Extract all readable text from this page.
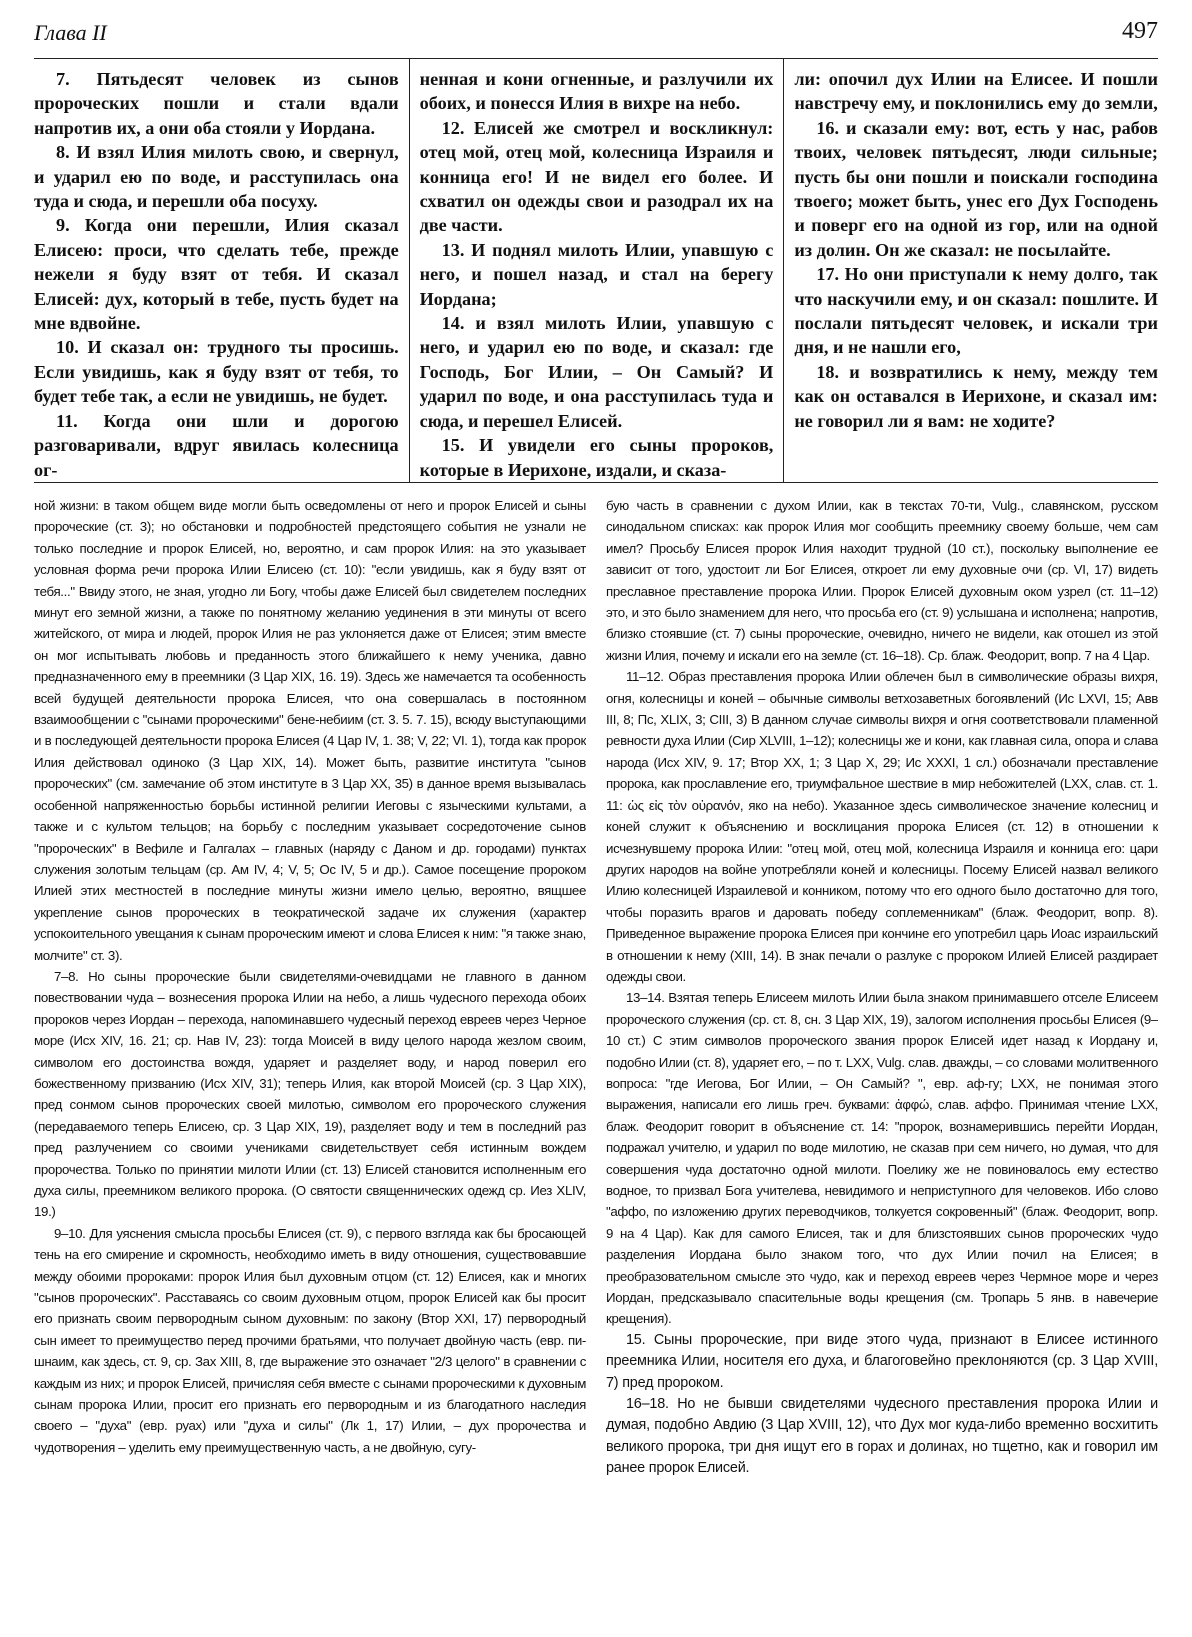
Глава II	497

7. Пятьдесят человек из сынов пророческих пошли и стали вдали напротив их, а они оба стояли у Иордана.

8. И взял Илия милоть свою, и свернул, и ударил ею по воде, и расступилась она туда и сюда, и перешли оба посуху.

9. Когда они перешли, Илия сказал Елисею: проси, что сделать тебе, прежде нежели я буду взят от тебя. И сказал Елисей: дух, который в тебе, пусть будет на мне вдвойне.

10. И сказал он: трудного ты просишь. Если увидишь, как я буду взят от тебя, то будет тебе так, а если не увидишь, не будет.

11. Когда они шли и дорогою разговаривали, вдруг явилась колесница ог-

ненная и кони огненные, и разлучили их обоих, и понесся Илия в вихре на небо.

12. Елисей же смотрел и воскликнул: отец мой, отец мой, колесница Израиля и конница его! И не видел его более. И схватил он одежды свои и разодрал их на две части.

13. И поднял милоть Илии, упавшую с него, и пошел назад, и стал на берегу Иордана;

14. и взял милоть Илии, упавшую с него, и ударил ею по воде, и сказал: где Господь, Бог Илии, – Он Самый? И ударил по воде, и она расступилась туда и сюда, и перешел Елисей.

15. И увидели его сыны пророков, которые в Иерихоне, издали, и сказа-

ли: опочил дух Илии на Елисее. И пошли навстречу ему, и поклонились ему до земли,

16. и сказали ему: вот, есть у нас, рабов твоих, человек пятьдесят, люди сильные; пусть бы они пошли и поискали господина твоего; может быть, унес его Дух Господень и поверг его на одной из гор, или на одной из долин. Он же сказал: не посылайте.

17. Но они приступали к нему долго, так что наскучили ему, и он сказал: пошлите. И послали пятьдесят человек, и искали три дня, и не нашли его,

18. и возвратились к нему, между тем как он оставался в Иерихоне, и сказал им: не говорил ли я вам: не ходите?

ной жизни: в таком общем виде могли быть осведомлены от него и пророк Елисей и сыны пророческие (ст. 3); но обстановки и подробностей предстоящего события не узнали не только последние и пророк Елисей, но, вероятно, и сам пророк Илия: на это указывает условная форма речи пророка Илии Елисею (ст. 10): "если увидишь, как я буду взят от тебя..." Ввиду этого, не зная, угодно ли Богу, чтобы даже Елисей был свидетелем последних минут его земной жизни, а также по понятному желанию уединения в эти минуты от всего житейского, от мира и людей, пророк Илия не раз уклоняется даже от Елисея; этим вместе он мог испытывать любовь и преданность этого ближайшего к нему ученика, давно предназначенного ему в преемники (3 Цар XIX, 16. 19). Здесь же намечается та особенность всей будущей деятельности пророка Елисея, что она совершалась в постоянном взаимообщении с "сынами пророческими" бене-небиим (ст. 3. 5. 7. 15), всюду выступающими и в последующей деятельности пророка Елисея (4 Цар IV, 1. 38; V, 22; VI. 1), тогда как пророк Илия действовал одиноко (3 Цар XIX, 14). Может быть, развитие института "сынов пророческих" (см. замечание об этом институте в 3 Цар XX, 35) в данное время вызывалась особенной напряженностью борьбы истинной религии Иеговы с языческими культами, а также и с культом тельцов; на борьбу с последним указывает сосредоточение сынов "пророческих" в Вефиле и Галгалах – главных (наряду с Даном и др. городами) пунктах служения золотым тельцам (ср. Ам IV, 4; V, 5; Ос IV, 5 и др.). Самое посещение пророком Илией этих местностей в последние минуты жизни имело целью, вероятно, вящшее укрепление сынов пророческих в теократической задаче их служения (характер успокоительного увещания к сынам пророческим имеют и слова Елисея к ним: "я также знаю, молчите" ст. 3).

7–8. Но сыны пророческие были свидетелями-очевидцами не главного в данном повествовании чуда – вознесения пророка Илии на небо, а лишь чудесного перехода обоих пророков через Иордан – перехода, напоминавшего чудесный переход евреев через Черное море (Исх XIV, 16. 21; ср. Нав IV, 23): тогда Моисей в виду целого народа жезлом своим, символом его достоинства вождя, ударяет и разделяет воду, и народ поверил его божественному призванию (Исх XIV, 31); теперь Илия, как второй Моисей (ср. 3 Цар XIX), пред сонмом сынов пророческих своей милотью, символом его пророческого служения (передаваемого теперь Елисею, ср. 3 Цар XIX, 19), разделяет воду и тем в последний раз пред разлучением со своими учениками свидетельствует себя истинным вождем пророчества. Только по принятии милоти Илии (ст. 13) Елисей становится исполненным его духа силы, преемником великого пророка. (О святости священнических одежд ср. Иез XLIV, 19.)

9–10. Для уяснения смысла просьбы Елисея (ст. 9), с первого взгляда как бы бросающей тень на его смирение и скромность, необходимо иметь в виду отношения, существовавшие между обоими пророками: пророк Илия был духовным отцом (ст. 12) Елисея, как и многих "сынов пророческих". Расставаясь со своим духовным отцом, пророк Елисей как бы просит его признать своим первородным сыном духовным: по закону (Втор XXI, 17) первородный сын имеет то преимущество перед прочими братьями, что получает двойную часть (евр. пи-шнаим, как здесь, ст. 9, ср. Зах XIII, 8, где выражение это означает "2/3 целого" в сравнении с каждым из них; и пророк Елисей, причисляя себя вместе с сынами пророческими к духовным сынам пророка Илии, просит его признать его первородным и из благодатного наследия своего – "духа" (евр. руах) или "духа и силы" (Лк 1, 17) Илии, – дух пророчества и чудотворения – уделить ему преимущественную часть, а не двойную, сугу-

бую часть в сравнении с духом Илии, как в текстах 70-ти, Vulg., славянском, русском синодальном списках: как пророк Илия мог сообщить преемнику своему больше, чем сам имел? Просьбу Елисея пророк Илия находит трудной (10 ст.), поскольку выполнение ее зависит от того, удостоит ли Бог Елисея, откроет ли ему духовные очи (ср. VI, 17) видеть преславное преставление пророка Илии. Пророк Елисей духовным оком узрел (ст. 11–12) это, и это было знамением для него, что просьба его (ст. 9) услышана и исполнена; напротив, близко стоявшие (ст. 7) сыны пророческие, очевидно, ничего не видели, как отошел из этой жизни Илия, почему и искали его на земле (ст. 16–18). Ср. блаж. Феодорит, вопр. 7 на 4 Цар.

11–12. Образ преставления пророка Илии облечен был в символические образы вихря, огня, колесницы и коней – обычные символы ветхозаветных богоявлений (Ис LXVI, 15; Авв III, 8; Пс, XLIX, 3; CIII, 3) В данном случае символы вихря и огня соответствовали пламенной ревности духа Илии (Сир XLVIII, 1–12); колесницы же и кони, как главная сила, опора и слава народа (Исх XIV, 9. 17; Втор XX, 1; 3 Цар X, 29; Ис XXXI, 1 сл.) обозначали преставление пророка, как прославление его, триумфальное шествие в мир небожителей (LXX, слав. ст. 1. 11: ὡς εἰς τὸν οὐρανόν, яко на небо). Указанное здесь символическое значение колесниц и коней служит к объяснению и восклицания пророка Елисея (ст. 12) в отношении к исчезнувшему пророка Илии: "отец мой, отец мой, колесница Израиля и конница его: цари других народов на войне употребляли коней и колесницы. Посему Елисей назвал великого Илию колесницей Израилевой и конником, потому что его одного было достаточно для того, чтобы поразить врагов и даровать победу соплеменникам" (блаж. Феодорит, вопр. 8). Приведенное выражение пророка Елисея при кончине его употребил царь Иоас израильский в отношении к нему (XIII, 14). В знак печали о разлуке с пророком Илией Елисей раздирает одежды свои.

13–14. Взятая теперь Елисеем милоть Илии была знаком принимавшего отселе Елисеем пророческого служения (ср. ст. 8, сн. 3 Цар XIX, 19), залогом исполнения просьбы Елисея (9–10 ст.) С этим символов пророческого звания пророк Елисей идет назад к Иордану и, подобно Илии (ст. 8), ударяет его, – по т. LXX, Vulg. слав. дважды, – со словами молитвенного вопроса: "где Иегова, Бог Илии, – Он Самый? ", евр. аф-гу; LXX, не понимая этого выражения, написали его лишь греч. буквами: ἀφφώ, слав. аффо. Принимая чтение LXX, блаж. Феодорит говорит в объяснение ст. 14: "пророк, вознамерившись перейти Иордан, подражал учителю, и ударил по воде милотию, не сказав при сем ничего, но думая, что для совершения чуда достаточно одной милоти. Поелику же не повиновалось ему естество водное, то призвал Бога учителева, невидимого и неприступного для человеков. Ибо слово "аффо, по изложению других переводчиков, толкуется сокровенный" (блаж. Феодорит, вопр. 9 на 4 Цар). Как для самого Елисея, так и для близстоявших сынов пророческих чудо разделения Иордана было знаком того, что дух Илии почил на Елисея; в преобразовательном смысле это чудо, как и переход евреев через Чермное море и через Иордан, предсказывало спасительные воды крещения (см. Тропарь 5 янв. в навечерие крещения).

15. Сыны пророческие, при виде этого чуда, признают в Елисее истинного преемника Илии, носителя его духа, и благоговейно преклоняются (ср. 3 Цар XVIII, 7) пред пророком.

16–18. Но не бывши свидетелями чудесного преставления пророка Илии и думая, подобно Авдию (3 Цар XVIII, 12), что Дух мог куда-либо временно восхитить великого пророка, три дня ищут его в горах и долинах, но тщетно, как и говорил им ранее пророк Елисей.
